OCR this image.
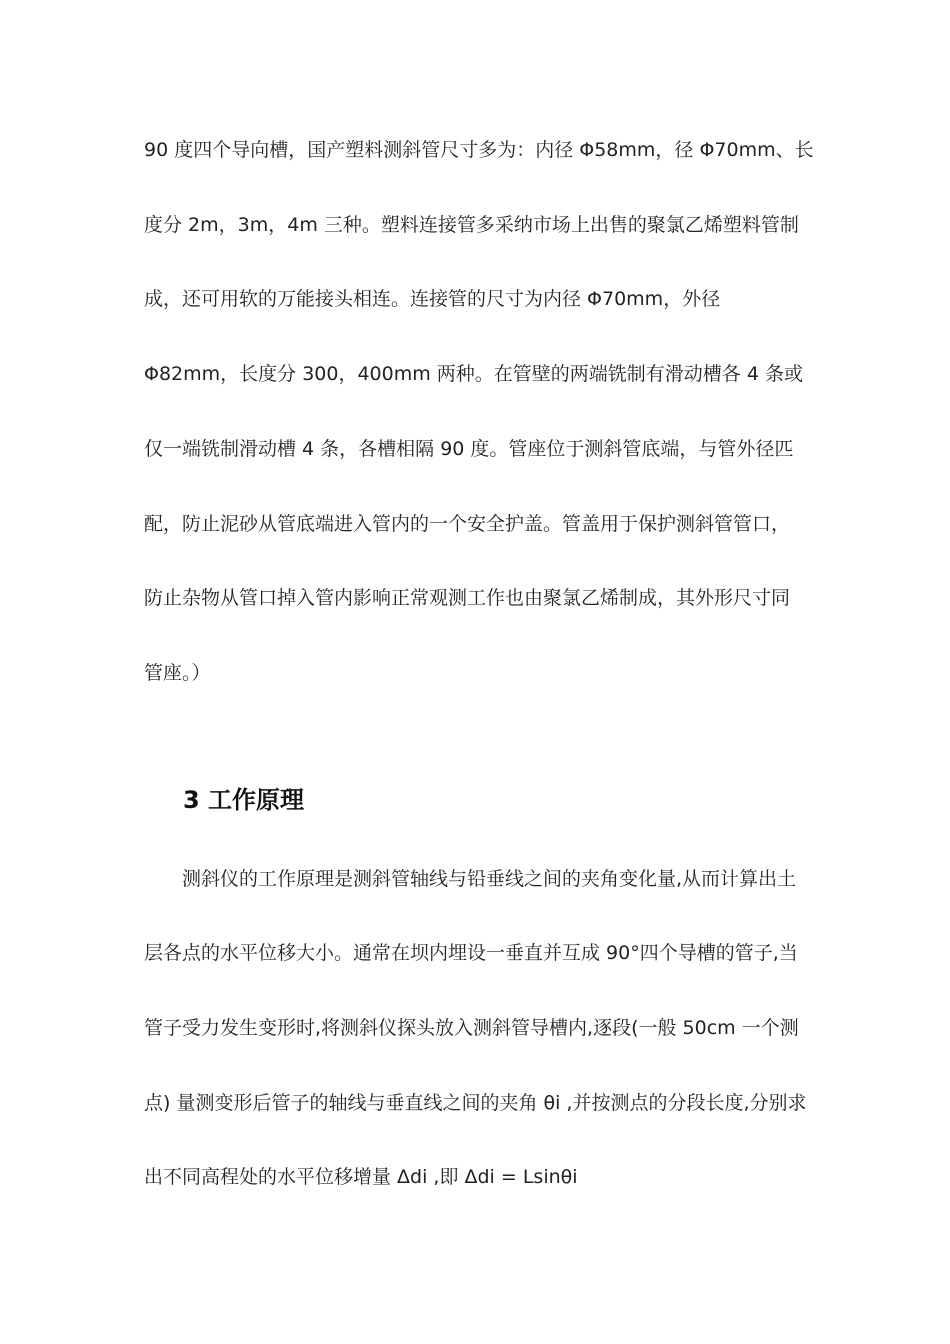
90 度四个导向槽，国产塑料测斜管尺寸多为：内径 Φ58mm，径 Φ70mm、长
度分 2m，3m，4m 三种。塑料连接管多采纳市场上出售的聚氯乙烯塑料管制
成，还可用软的万能接头相连。连接管的尺寸为内径 Φ70mm，外径
Φ82mm，长度分 300，400mm 两种。在管壁的两端铣制有滑动槽各 4 条或
仅一端铣制滑动槽 4 条，各槽相隔 90 度。管座位于测斜管底端，与管外径匹
配，防止泥砂从管底端进入管内的一个安全护盖。管盖用于保护测斜管管口，
防止杂物从管口掉入管内影响正常观测工作也由聚氯乙烯制成，其外形尺寸同
管座。）
3 工作原理
测斜仪的工作原理是测斜管轴线与铅垂线之间的夹角变化量,从而计算出土
层各点的水平位移大小。通常在坝内埋设一垂直并互成 90°四个导槽的管子,当
管子受力发生变形时,将测斜仪探头放入测斜管导槽内,逐段(一般 50cm 一个测
点) 量测变形后管子的轴线与垂直线之间的夹角 θi ,并按测点的分段长度,分别求
出不同高程处的水平位移增量 Δdi ,即 Δdi = Lsinθi
